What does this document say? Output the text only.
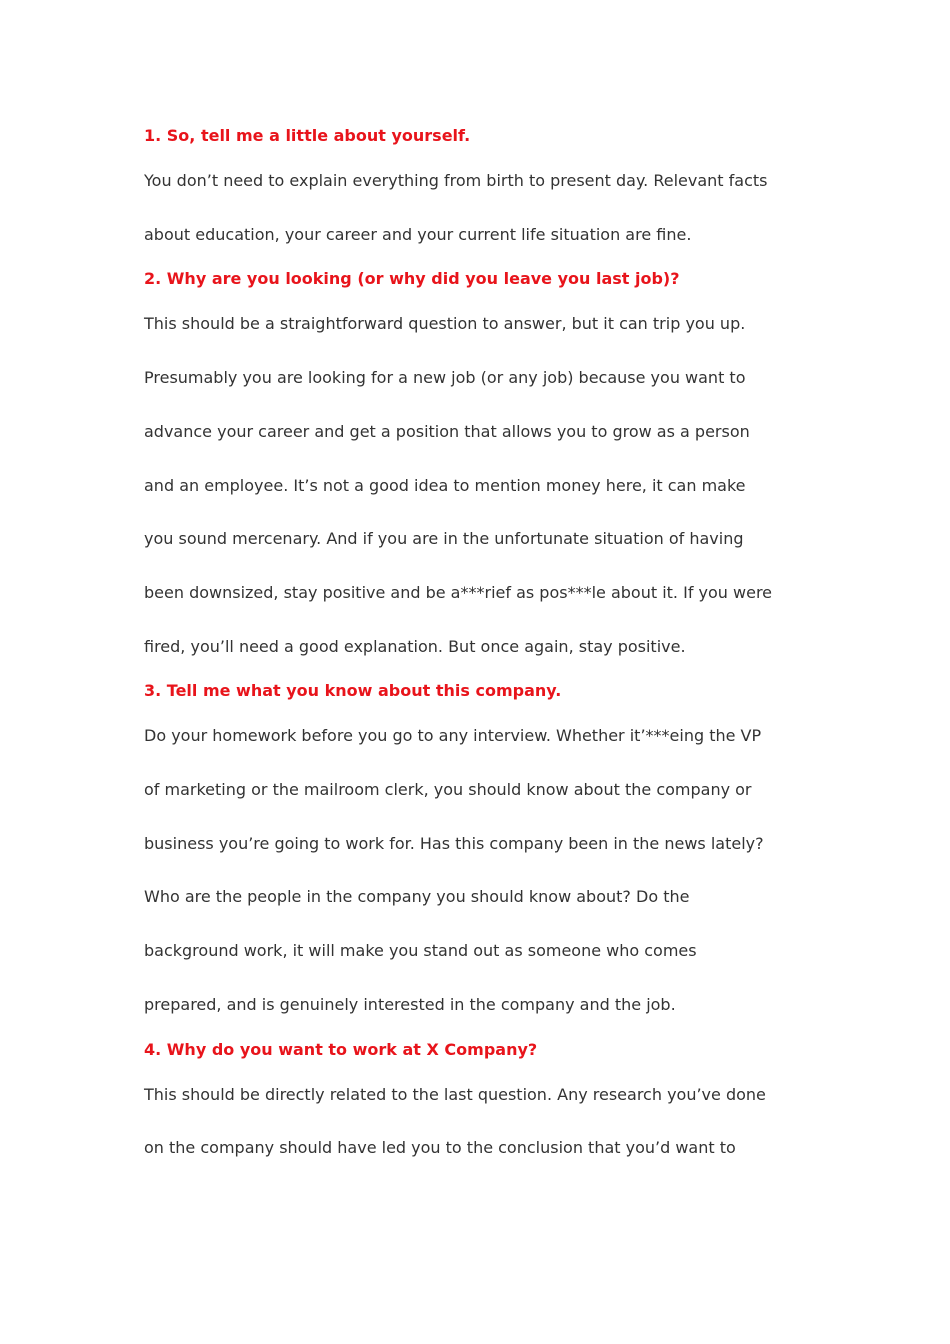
1. So, tell me a little about yourself.
You don’t need to explain everything from birth to present day. Relevant facts
about education, your career and your current life situation are fine.
2. Why are you looking (or why did you leave you last job)?
This should be a straightforward question to answer, but it can trip you up.
Presumably you are looking for a new job (or any job) because you want to
advance your career and get a position that allows you to grow as a person
and an employee. It’s not a good idea to mention money here, it can make
you sound mercenary. And if you are in the unfortunate situation of having
been downsized, stay positive and be a***rief as pos***le about it. If you were
fired, you’ll need a good explanation. But once again, stay positive.
3. Tell me what you know about this company.
Do your homework before you go to any interview. Whether it’***eing the VP
of marketing or the mailroom clerk, you should know about the company or
business you’re going to work for. Has this company been in the news lately?
Who are the people in the company you should know about? Do the
background work, it will make you stand out as someone who comes
prepared, and is genuinely interested in the company and the job.
4. Why do you want to work at X Company?
This should be directly related to the last question. Any research you’ve done
on the company should have led you to the conclusion that you’d want to
